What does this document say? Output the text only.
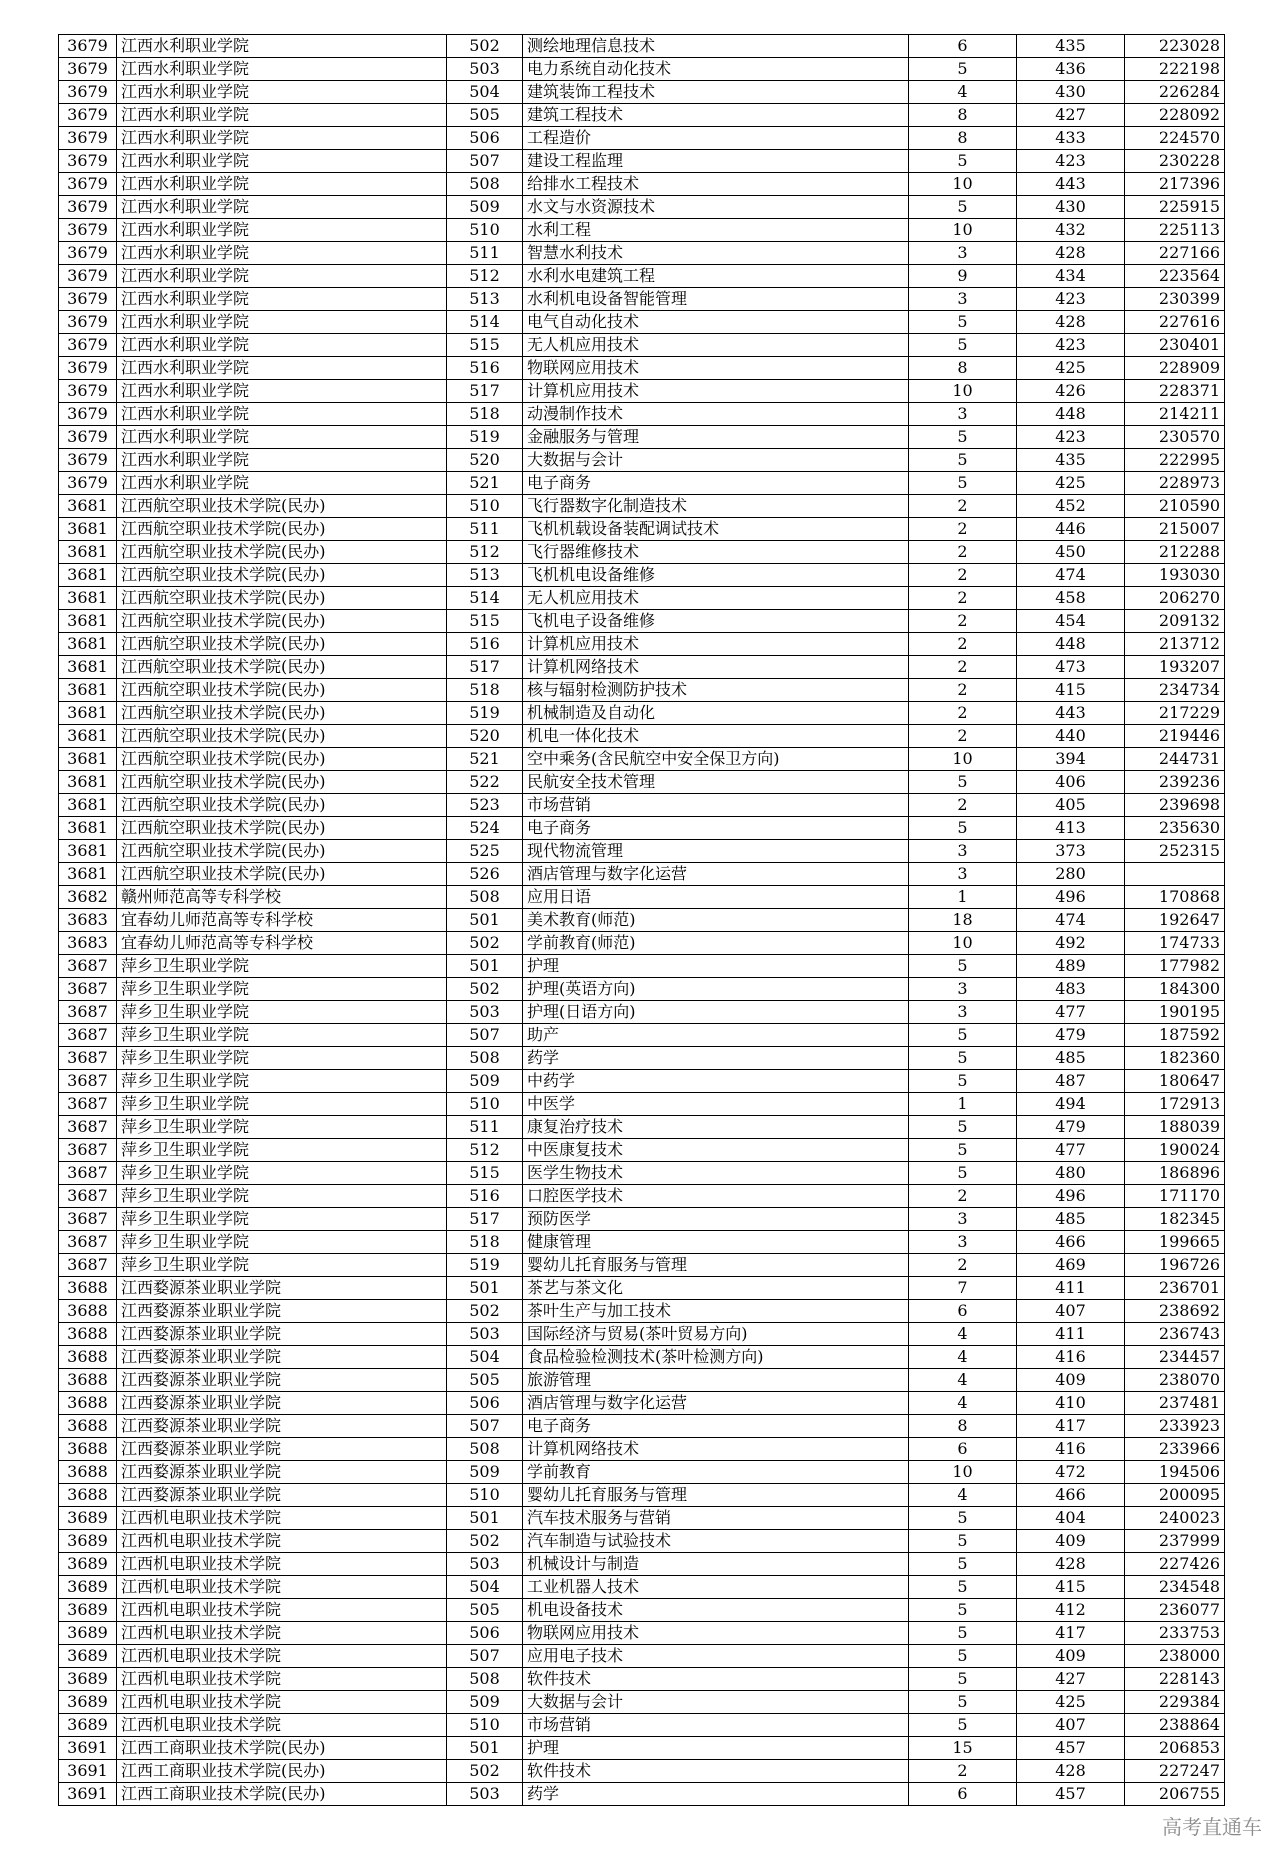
3679	江西水利职业学院	502	测绘地理信息技术	6	435	223028
3679	江西水利职业学院	503	电力系统自动化技术	5	436	222198
3679	江西水利职业学院	504	建筑装饰工程技术	4	430	226284
3679	江西水利职业学院	505	建筑工程技术	8	427	228092
3679	江西水利职业学院	506	工程造价	8	433	224570
3679	江西水利职业学院	507	建设工程监理	5	423	230228
3679	江西水利职业学院	508	给排水工程技术	10	443	217396
3679	江西水利职业学院	509	水文与水资源技术	5	430	225915
3679	江西水利职业学院	510	水利工程	10	432	225113
3679	江西水利职业学院	511	智慧水利技术	3	428	227166
3679	江西水利职业学院	512	水利水电建筑工程	9	434	223564
3679	江西水利职业学院	513	水利机电设备智能管理	3	423	230399
3679	江西水利职业学院	514	电气自动化技术	5	428	227616
3679	江西水利职业学院	515	无人机应用技术	5	423	230401
3679	江西水利职业学院	516	物联网应用技术	8	425	228909
3679	江西水利职业学院	517	计算机应用技术	10	426	228371
3679	江西水利职业学院	518	动漫制作技术	3	448	214211
3679	江西水利职业学院	519	金融服务与管理	5	423	230570
3679	江西水利职业学院	520	大数据与会计	5	435	222995
3679	江西水利职业学院	521	电子商务	5	425	228973
3681	江西航空职业技术学院(民办)	510	飞行器数字化制造技术	2	452	210590
3681	江西航空职业技术学院(民办)	511	飞机机载设备装配调试技术	2	446	215007
3681	江西航空职业技术学院(民办)	512	飞行器维修技术	2	450	212288
3681	江西航空职业技术学院(民办)	513	飞机机电设备维修	2	474	193030
3681	江西航空职业技术学院(民办)	514	无人机应用技术	2	458	206270
3681	江西航空职业技术学院(民办)	515	飞机电子设备维修	2	454	209132
3681	江西航空职业技术学院(民办)	516	计算机应用技术	2	448	213712
3681	江西航空职业技术学院(民办)	517	计算机网络技术	2	473	193207
3681	江西航空职业技术学院(民办)	518	核与辐射检测防护技术	2	415	234734
3681	江西航空职业技术学院(民办)	519	机械制造及自动化	2	443	217229
3681	江西航空职业技术学院(民办)	520	机电一体化技术	2	440	219446
3681	江西航空职业技术学院(民办)	521	空中乘务(含民航空中安全保卫方向)	10	394	244731
3681	江西航空职业技术学院(民办)	522	民航安全技术管理	5	406	239236
3681	江西航空职业技术学院(民办)	523	市场营销	2	405	239698
3681	江西航空职业技术学院(民办)	524	电子商务	5	413	235630
3681	江西航空职业技术学院(民办)	525	现代物流管理	3	373	252315
3681	江西航空职业技术学院(民办)	526	酒店管理与数字化运营	3	280	
3682	赣州师范高等专科学校	508	应用日语	1	496	170868
3683	宜春幼儿师范高等专科学校	501	美术教育(师范)	18	474	192647
3683	宜春幼儿师范高等专科学校	502	学前教育(师范)	10	492	174733
3687	萍乡卫生职业学院	501	护理	5	489	177982
3687	萍乡卫生职业学院	502	护理(英语方向)	3	483	184300
3687	萍乡卫生职业学院	503	护理(日语方向)	3	477	190195
3687	萍乡卫生职业学院	507	助产	5	479	187592
3687	萍乡卫生职业学院	508	药学	5	485	182360
3687	萍乡卫生职业学院	509	中药学	5	487	180647
3687	萍乡卫生职业学院	510	中医学	1	494	172913
3687	萍乡卫生职业学院	511	康复治疗技术	5	479	188039
3687	萍乡卫生职业学院	512	中医康复技术	5	477	190024
3687	萍乡卫生职业学院	515	医学生物技术	5	480	186896
3687	萍乡卫生职业学院	516	口腔医学技术	2	496	171170
3687	萍乡卫生职业学院	517	预防医学	3	485	182345
3687	萍乡卫生职业学院	518	健康管理	3	466	199665
3687	萍乡卫生职业学院	519	婴幼儿托育服务与管理	2	469	196726
3688	江西婺源茶业职业学院	501	茶艺与茶文化	7	411	236701
3688	江西婺源茶业职业学院	502	茶叶生产与加工技术	6	407	238692
3688	江西婺源茶业职业学院	503	国际经济与贸易(茶叶贸易方向)	4	411	236743
3688	江西婺源茶业职业学院	504	食品检验检测技术(茶叶检测方向)	4	416	234457
3688	江西婺源茶业职业学院	505	旅游管理	4	409	238070
3688	江西婺源茶业职业学院	506	酒店管理与数字化运营	4	410	237481
3688	江西婺源茶业职业学院	507	电子商务	8	417	233923
3688	江西婺源茶业职业学院	508	计算机网络技术	6	416	233966
3688	江西婺源茶业职业学院	509	学前教育	10	472	194506
3688	江西婺源茶业职业学院	510	婴幼儿托育服务与管理	4	466	200095
3689	江西机电职业技术学院	501	汽车技术服务与营销	5	404	240023
3689	江西机电职业技术学院	502	汽车制造与试验技术	5	409	237999
3689	江西机电职业技术学院	503	机械设计与制造	5	428	227426
3689	江西机电职业技术学院	504	工业机器人技术	5	415	234548
3689	江西机电职业技术学院	505	机电设备技术	5	412	236077
3689	江西机电职业技术学院	506	物联网应用技术	5	417	233753
3689	江西机电职业技术学院	507	应用电子技术	5	409	238000
3689	江西机电职业技术学院	508	软件技术	5	427	228143
3689	江西机电职业技术学院	509	大数据与会计	5	425	229384
3689	江西机电职业技术学院	510	市场营销	5	407	238864
3691	江西工商职业技术学院(民办)	501	护理	15	457	206853
3691	江西工商职业技术学院(民办)	502	软件技术	2	428	227247
3691	江西工商职业技术学院(民办)	503	药学	6	457	206755
高考直通车
